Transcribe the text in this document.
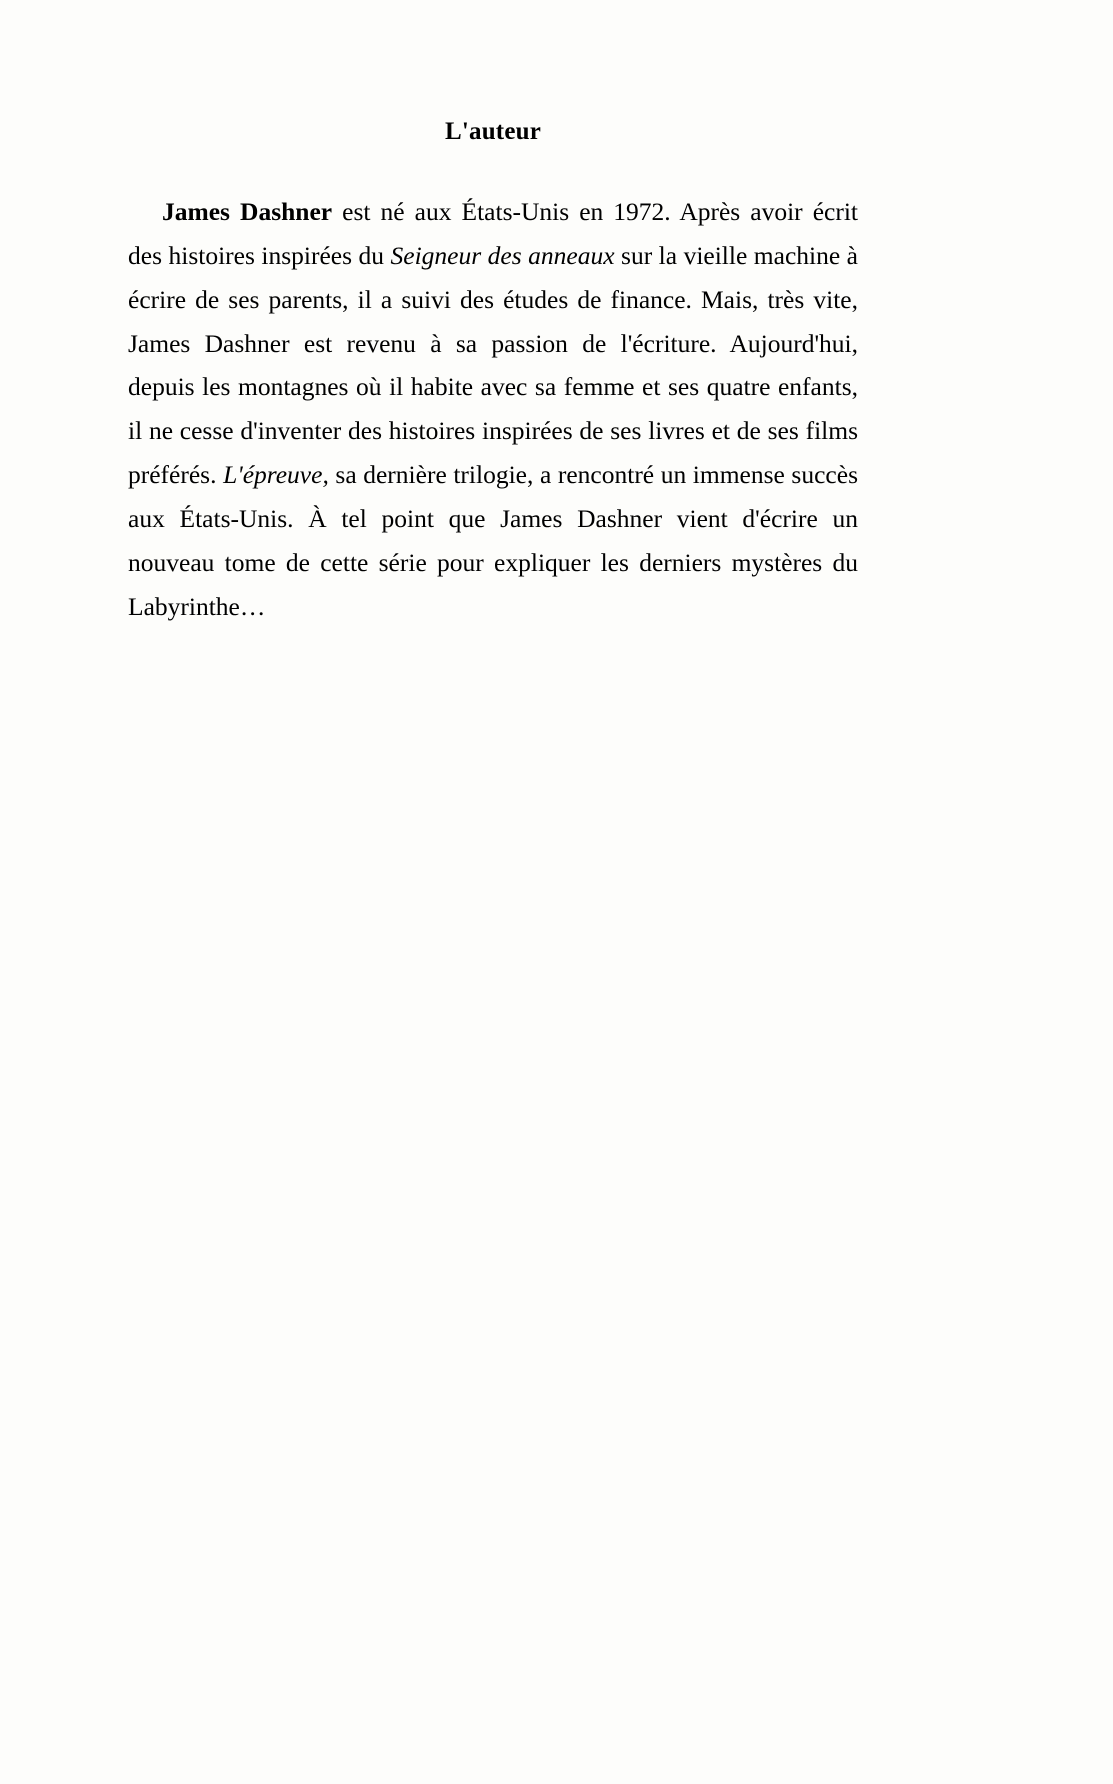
L'auteur

James Dashner est né aux États-Unis en 1972. Après avoir écrit des histoires inspirées du Seigneur des anneaux sur la vieille machine à écrire de ses parents, il a suivi des études de finance. Mais, très vite, James Dashner est revenu à sa passion de l'écriture. Aujourd'hui, depuis les montagnes où il habite avec sa femme et ses quatre enfants, il ne cesse d'inventer des histoires inspirées de ses livres et de ses films préférés. L'épreuve, sa dernière trilogie, a rencontré un immense succès aux États-Unis. À tel point que James Dashner vient d'écrire un nouveau tome de cette série pour expliquer les derniers mystères du Labyrinthe…
